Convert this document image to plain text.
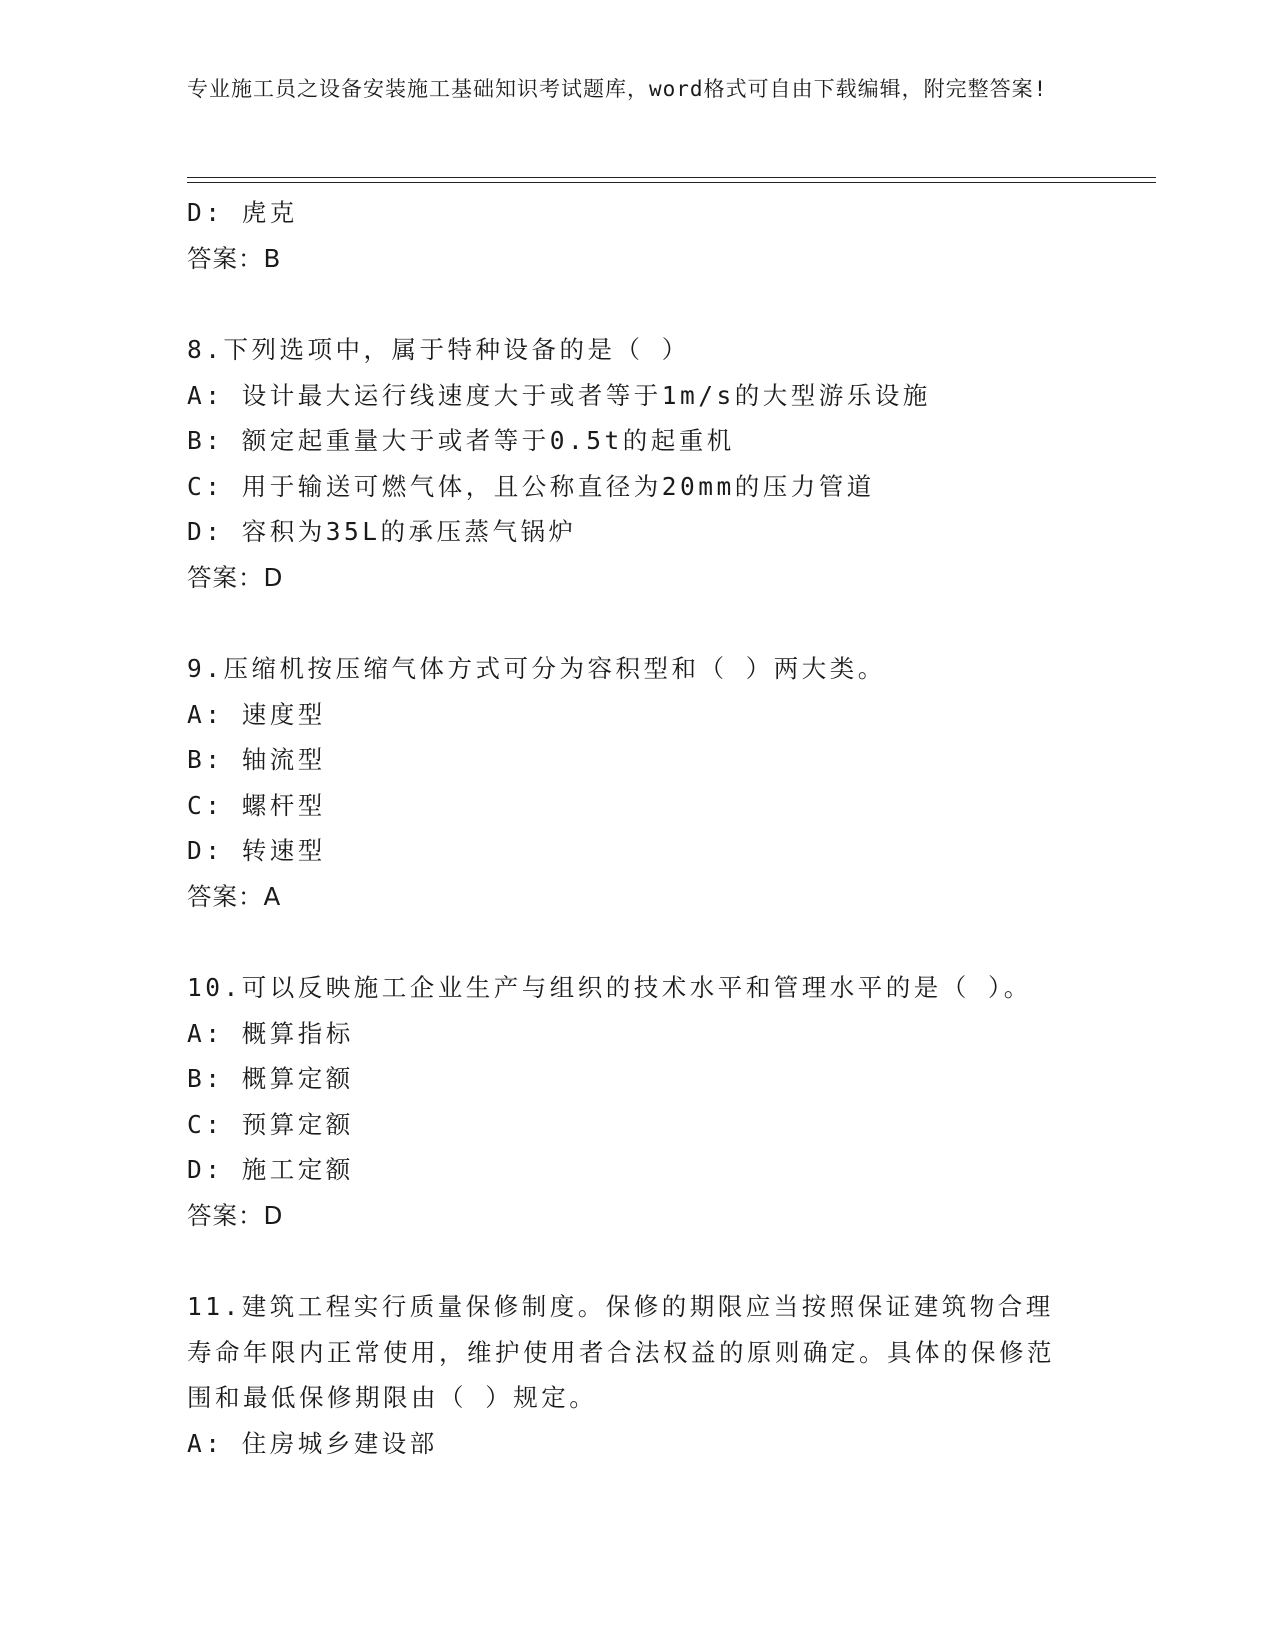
专业施工员之设备安装施工基础知识考试题库，word格式可自由下载编辑，附完整答案!
D: 虎克
答案：B
8.下列选项中，属于特种设备的是（ ）
A: 设计最大运行线速度大于或者等于1m/s的大型游乐设施
B: 额定起重量大于或者等于0.5t的起重机
C: 用于输送可燃气体，且公称直径为20mm的压力管道
D: 容积为35L的承压蒸气锅炉
答案：D
9.压缩机按压缩气体方式可分为容积型和（ ）两大类。
A: 速度型
B: 轴流型
C: 螺杆型
D: 转速型
答案：A
10.可以反映施工企业生产与组织的技术水平和管理水平的是（ ）。
A: 概算指标
B: 概算定额
C: 预算定额
D: 施工定额
答案：D
11.建筑工程实行质量保修制度。保修的期限应当按照保证建筑物合理寿命年限内正常使用，维护使用者合法权益的原则确定。具体的保修范围和最低保修期限由（ ）规定。
A: 住房城乡建设部
